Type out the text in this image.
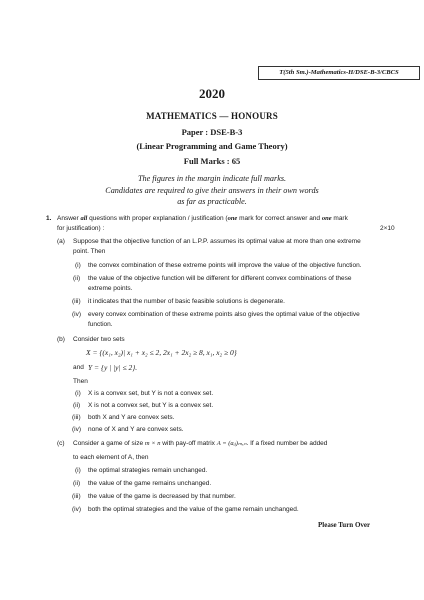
T(5th Sm.)-Mathematics-H/DSE-B-3/CBCS
2020
MATHEMATICS — HONOURS
Paper : DSE-B-3
(Linear Programming and Game Theory)
Full Marks : 65
The figures in the margin indicate full marks.
Candidates are required to give their answers in their own words
as far as practicable.
1. Answer all questions with proper explanation / justification (one mark for correct answer and one mark
for justification) :	2×10
(a) Suppose that the objective function of an L.P.P. assumes its optimal value at more than one extreme
point. Then
(i) the convex combination of these extreme points will improve the value of the objective function.
(ii) the value of the objective function will be different for different convex combinations of these
extreme points.
(iii) it indicates that the number of basic feasible solutions is degenerate.
(iv) every convex combination of these extreme points also gives the optimal value of the objective
function.
(b) Consider two sets
X = {(x₁, x₂)| x₁ + x₂ ≤ 2, 2x₁ + 2x₂ ≥ 8, x₁, x₂ ≥ 0}
and Y = {y | |y| ≤ 2}.
Then
(i) X is a convex set, but Y is not a convex set.
(ii) X is not a convex set, but Y is a convex set.
(iii) both X and Y are convex sets.
(iv) none of X and Y are convex sets.
(c) Consider a game of size m × n with pay-off matrix A = (aᵢⱼ)ₘₓₙ. If a fixed number be added
to each element of A, then
(i) the optimal strategies remain unchanged.
(ii) the value of the game remains unchanged.
(iii) the value of the game is decreased by that number.
(iv) both the optimal strategies and the value of the game remain unchanged.
Please Turn Over
